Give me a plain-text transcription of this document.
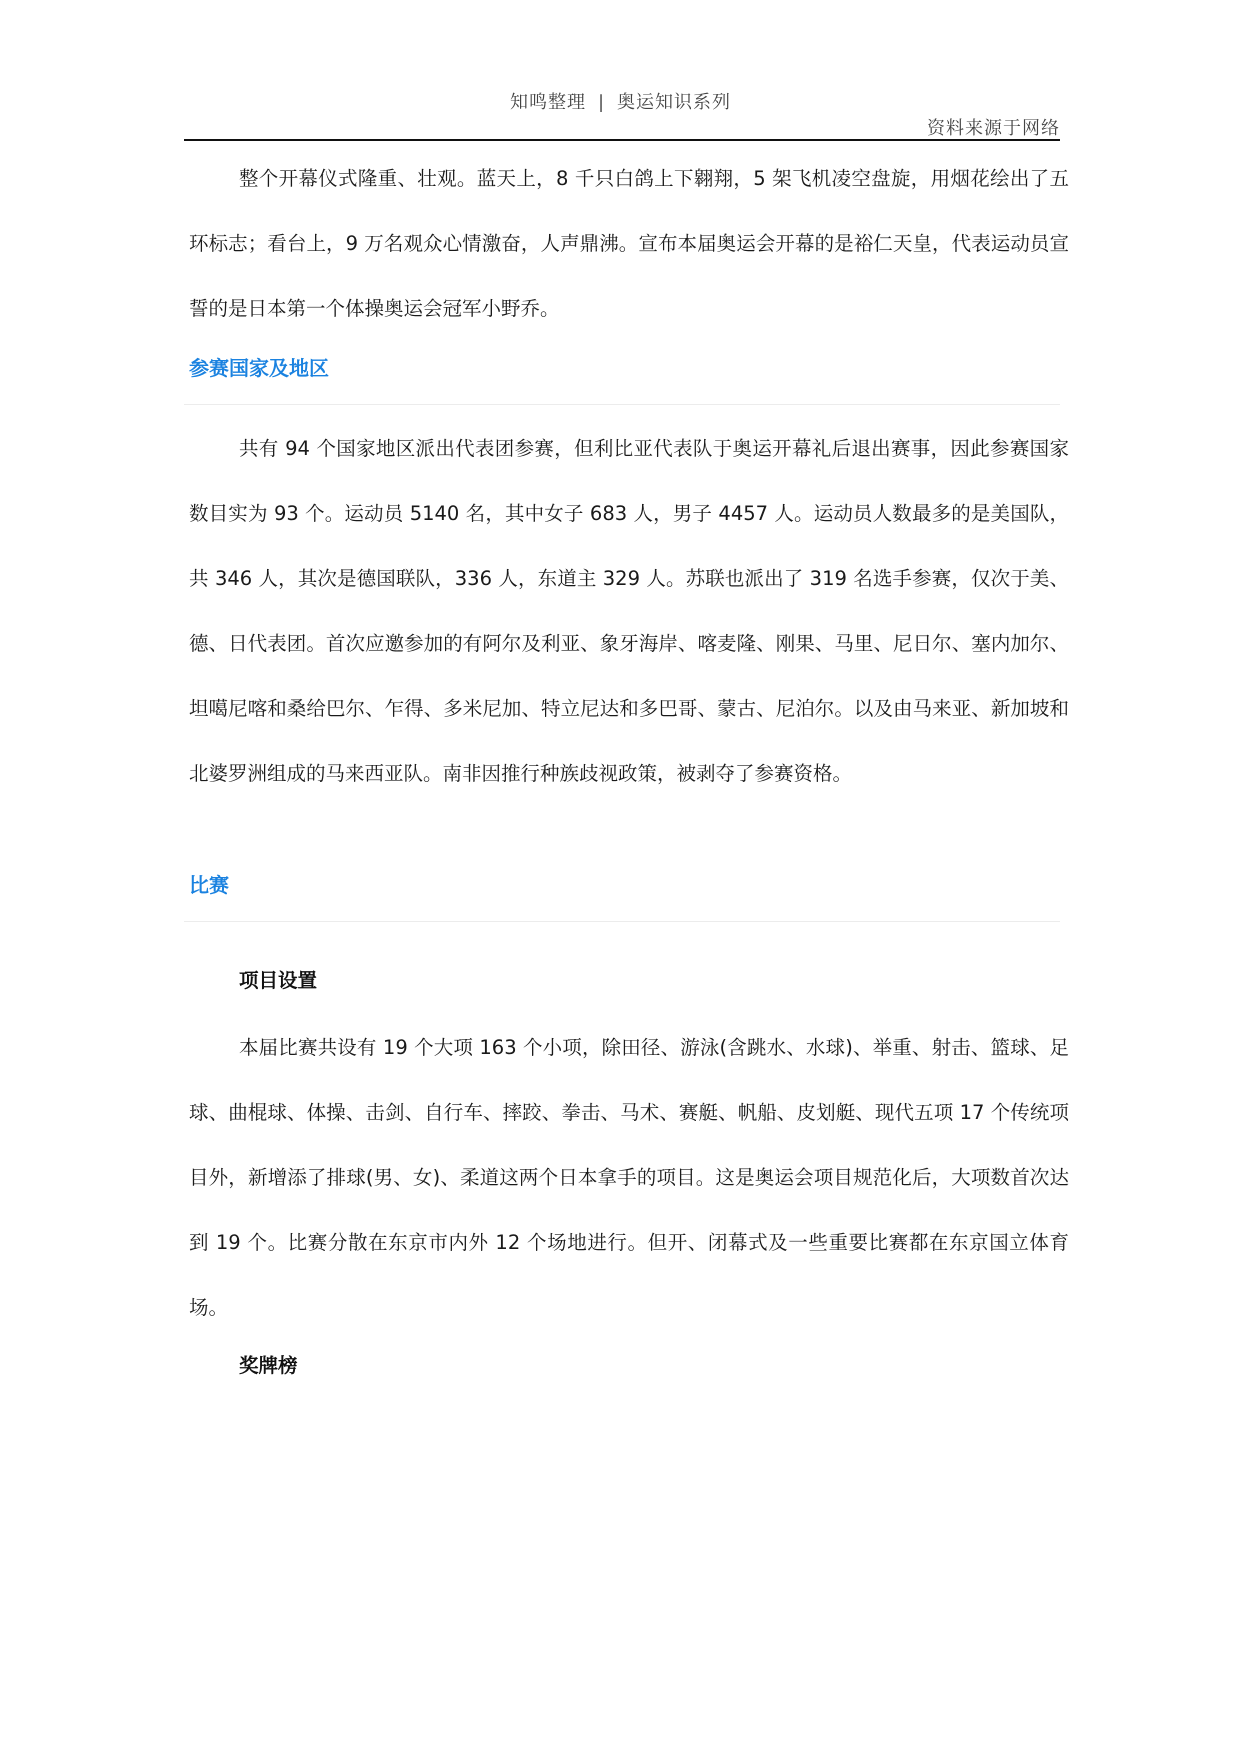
知鸣整理 | 奥运知识系列
资料来源于网络

整个开幕仪式隆重、壮观。蓝天上，8 千只白鸽上下翱翔，5 架飞机凌空盘旋，用烟花绘出了五环标志；看台上，9 万名观众心情激奋，人声鼎沸。宣布本届奥运会开幕的是裕仁天皇，代表运动员宣誓的是日本第一个体操奥运会冠军小野乔。

参赛国家及地区

共有 94 个国家地区派出代表团参赛，但利比亚代表队于奥运开幕礼后退出赛事，因此参赛国家数目实为 93 个。运动员 5140 名，其中女子 683 人，男子 4457 人。运动员人数最多的是美国队，共 346 人，其次是德国联队，336 人，东道主 329 人。苏联也派出了 319 名选手参赛，仅次于美、德、日代表团。首次应邀参加的有阿尔及利亚、象牙海岸、喀麦隆、刚果、马里、尼日尔、塞内加尔、坦噶尼喀和桑给巴尔、乍得、多米尼加、特立尼达和多巴哥、蒙古、尼泊尔。以及由马来亚、新加坡和北婆罗洲组成的马来西亚队。南非因推行种族歧视政策，被剥夺了参赛资格。

比赛
项目设置

本届比赛共设有 19 个大项 163 个小项，除田径、游泳(含跳水、水球)、举重、射击、篮球、足球、曲棍球、体操、击剑、自行车、摔跤、拳击、马术、赛艇、帆船、皮划艇、现代五项 17 个传统项目外，新增添了排球(男、女)、柔道这两个日本拿手的项目。这是奥运会项目规范化后，大项数首次达到 19 个。比赛分散在东京市内外 12 个场地进行。但开、闭幕式及一些重要比赛都在东京国立体育场。

奖牌榜
